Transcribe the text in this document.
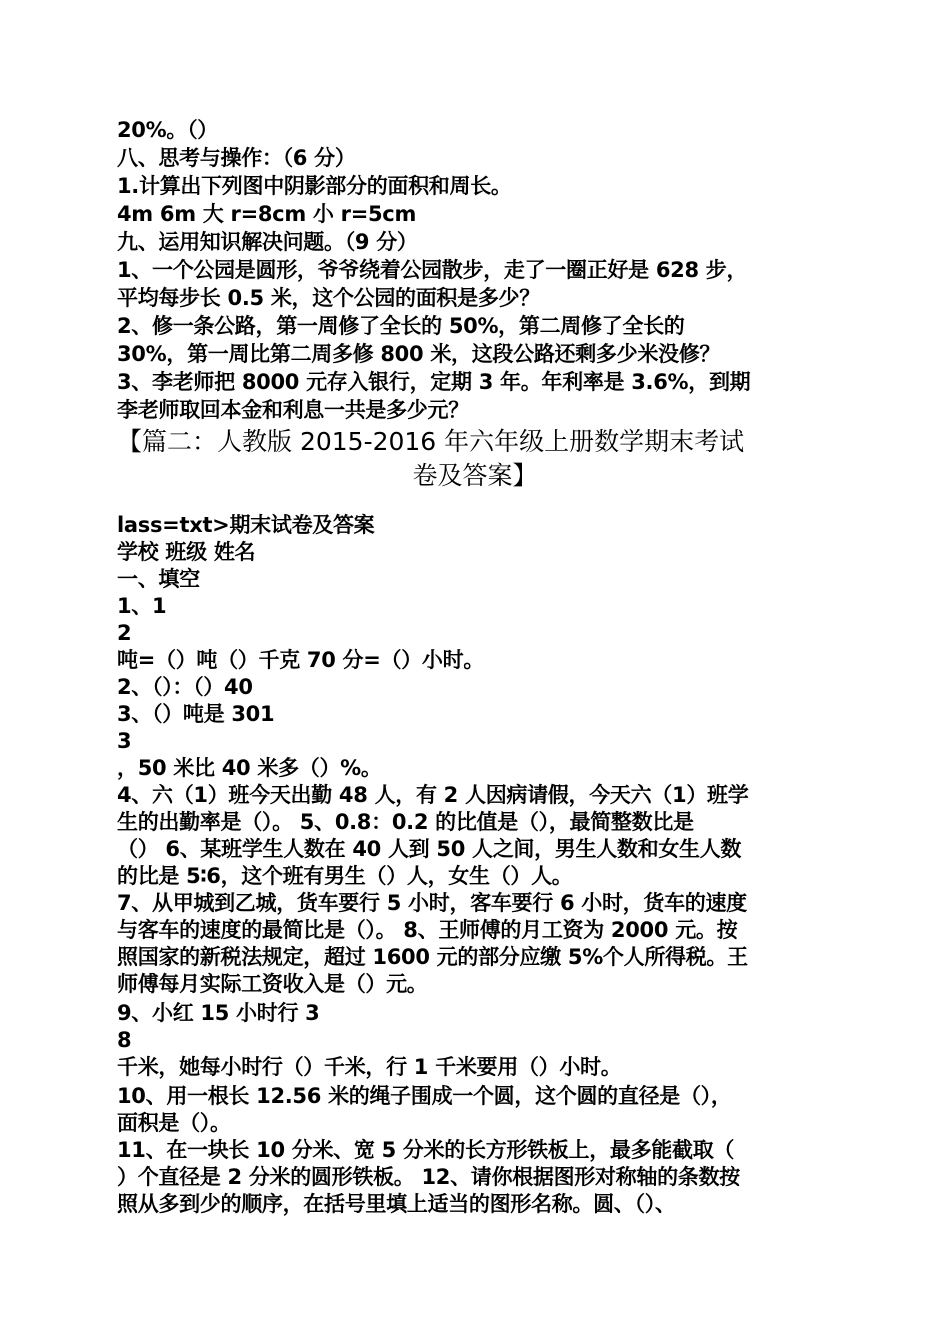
20%。（）
八、思考与操作：（6 分）
1.计算出下列图中阴影部分的面积和周长。
4m 6m 大 r=8cm 小 r=5cm
九、运用知识解决问题。（9 分）
1、一个公园是圆形，爷爷绕着公园散步，走了一圈正好是 628 步，
平均每步长 0.5 米，这个公园的面积是多少？
2、修一条公路，第一周修了全长的 50%，第二周修了全长的
30%，第一周比第二周多修 800 米，这段公路还剩多少米没修？
3、李老师把 8000 元存入银行，定期 3 年。年利率是 3.6%，到期
李老师取回本金和利息一共是多少元？
【篇二：人教版 2015-2016 年六年级上册数学期末考试
卷及答案】
lass=txt>期末试卷及答案
学校 班级 姓名
一、填空
1、1
2
吨=（）吨（）千克 70 分=（）小时。
2、（）：（）40
3、（）吨是 301
3
，50 米比 40 米多（）%。
4、六（1）班今天出勤 48 人，有 2 人因病请假，今天六（1）班学
生的出勤率是（）。 5、0.8：0.2 的比值是（），最简整数比是
（） 6、某班学生人数在 40 人到 50 人之间，男生人数和女生人数
的比是 5∶6，这个班有男生（）人，女生（）人。
7、从甲城到乙城，货车要行 5 小时，客车要行 6 小时，货车的速度
与客车的速度的最简比是（）。 8、王师傅的月工资为 2000 元。按
照国家的新税法规定，超过 1600 元的部分应缴 5%个人所得税。王
师傅每月实际工资收入是（）元。
9、小红 15 小时行 3
8
千米，她每小时行（）千米，行 1 千米要用（）小时。
10、用一根长 12.56 米的绳子围成一个圆，这个圆的直径是（），
面积是（）。
11、在一块长 10 分米、宽 5 分米的长方形铁板上，最多能截取（
）个直径是 2 分米的圆形铁板。 12、请你根据图形对称轴的条数按
照从多到少的顺序，在括号里填上适当的图形名称。圆、（）、
